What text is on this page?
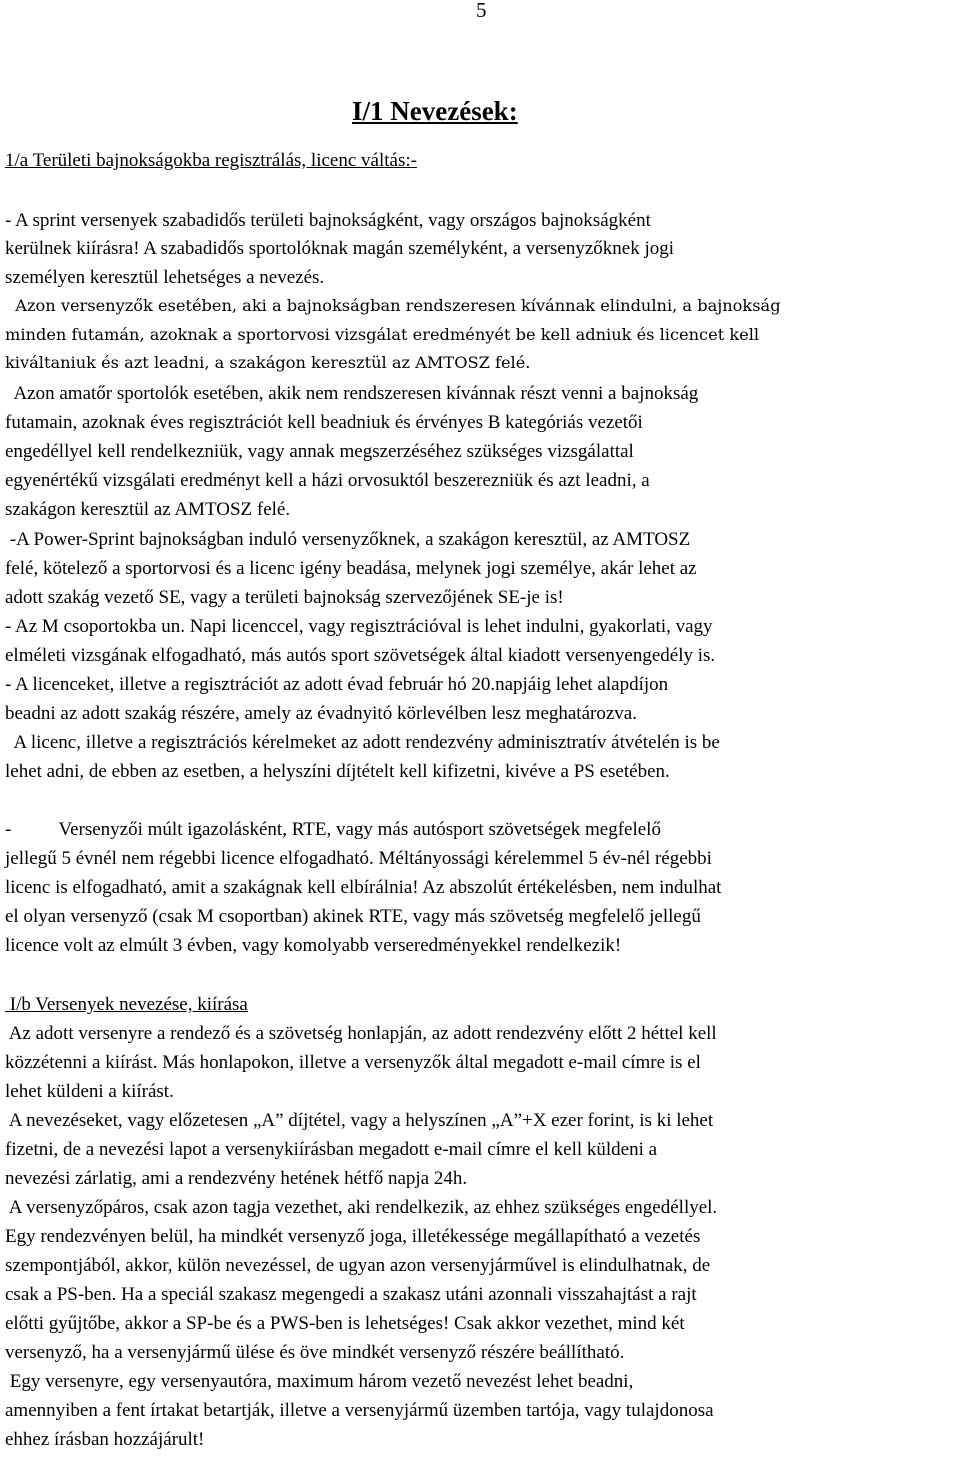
5
I/1 Nevezések:
1/a Területi bajnokságokba regisztrálás, licenc váltás:-
- A sprint versenyek szabadidős területi bajnokságként, vagy országos bajnokságként
kerülnek kiírásra! A szabadidős sportolóknak magán személyként, a versenyzőknek jogi
személyen keresztül lehetséges a nevezés.
Azon versenyzők esetében, aki a bajnokságban rendszeresen kívánnak elindulni, a bajnokság
minden futamán, azoknak a sportorvosi vizsgálat eredményét be kell adniuk és licencet kell
kiváltaniuk és azt leadni, a szakágon keresztül az AMTOSZ felé.
Azon amatőr sportolók esetében, akik nem rendszeresen kívánnak részt venni a bajnokság
futamain, azoknak éves regisztrációt kell beadniuk és érvényes B kategóriás vezetői
engedéllyel kell rendelkezniük, vagy annak megszerzéséhez szükséges vizsgálattal
egyenértékű vizsgálati eredményt kell a házi orvosuktól beszerezniük és azt leadni, a
szakágon keresztül az AMTOSZ felé.
-A Power-Sprint bajnokságban induló versenyzőknek, a szakágon keresztül, az AMTOSZ
felé, kötelező a sportorvosi és a licenc igény beadása, melynek jogi személye, akár lehet az
adott szakág vezető SE, vagy a területi bajnokság szervezőjének SE-je is!
- Az M csoportokba un. Napi licenccel, vagy regisztrációval is lehet indulni, gyakorlati, vagy
elméleti vizsgának elfogadható, más autós sport szövetségek által kiadott versenyengedély is.
- A licenceket, illetve a regisztrációt az adott évad február hó 20.napjáig lehet alapdíjon
beadni az adott szakág részére, amely az évadnyitó körlevélben lesz meghatározva.
A licenc, illetve a regisztrációs kérelmeket az adott rendezvény adminisztratív átvételén is be
lehet adni, de ebben az esetben, a helyszíni díjtételt kell kifizetni, kivéve a PS esetében.
-          Versenyzői múlt igazolásként, RTE, vagy más autósport szövetségek megfelelő
jellegű 5 évnél nem régebbi licence elfogadható. Méltányossági kérelemmel 5 év-nél régebbi
licenc is elfogadható, amit a szakágnak kell elbírálnia! Az abszolút értékelésben, nem indulhat
el olyan versenyző (csak M csoportban) akinek RTE, vagy más szövetség megfelelő jellegű
licence volt az elmúlt 3 évben, vagy komolyabb verseredményekkel rendelkezik!
I/b Versenyek nevezése, kiírása
Az adott versenyre a rendező és a szövetség honlapján, az adott rendezvény előtt 2 héttel kell
közzétenni a kiírást. Más honlapokon, illetve a versenyzők által megadott e-mail címre is el
lehet küldeni a kiírást.
A nevezéseket, vagy előzetesen „A” díjtétel, vagy a helyszínen „A”+X ezer forint, is ki lehet
fizetni, de a nevezési lapot a versenykiírásban megadott e-mail címre el kell küldeni a
nevezési zárlatig, ami a rendezvény hetének hétfő napja 24h.
A versenyzőpáros, csak azon tagja vezethet, aki rendelkezik, az ehhez szükséges engedéllyel.
Egy rendezvényen belül, ha mindkét versenyző joga, illetékessége megállapítható a vezetés
szempontjából, akkor, külön nevezéssel, de ugyan azon versenyjárművel is elindulhatnak, de
csak a PS-ben. Ha a speciál szakasz megengedi a szakasz utáni azonnali visszahajtást a rajt
előtti gyűjtőbe, akkor a SP-be és a PWS-ben is lehetséges! Csak akkor vezethet, mind két
versenyző, ha a versenyjármű ülése és öve mindkét versenyző részére beállítható.
Egy versenyre, egy versenyautóra, maximum három vezető nevezést lehet beadni,
amennyiben a fent írtakat betartják, illetve a versenyjármű üzemben tartója, vagy tulajdonosa
ehhez írásban hozzájárult!
